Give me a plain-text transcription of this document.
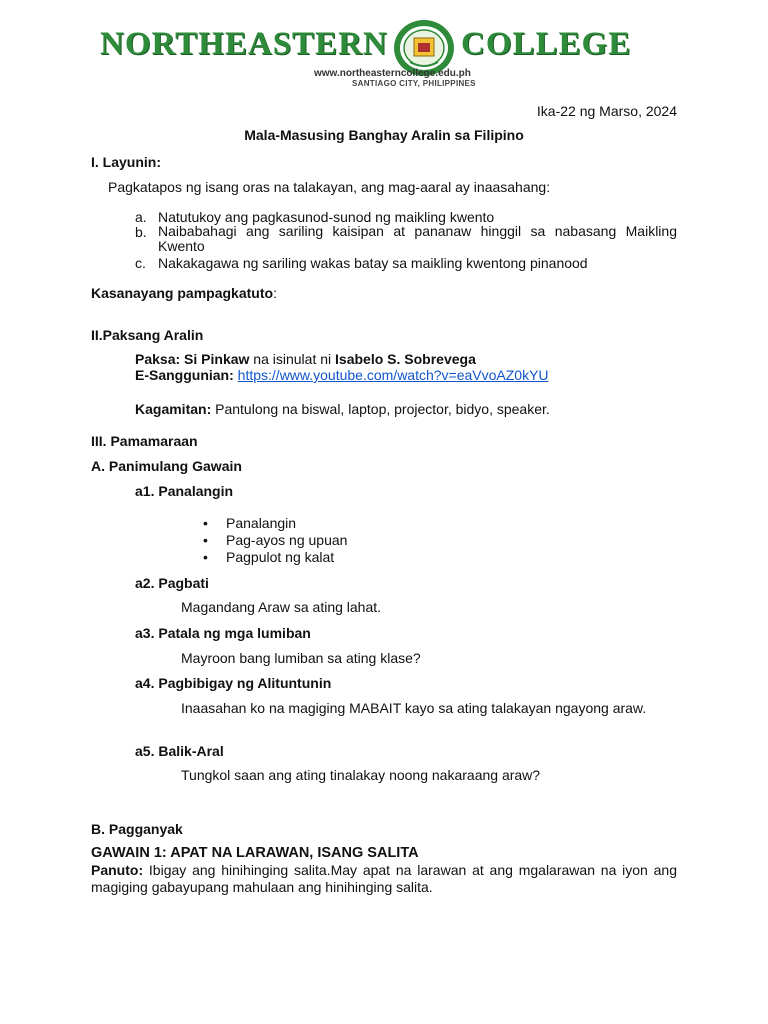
NORTHEASTERN COLLEGE
www.northeasterncollege.edu.ph
SANTIAGO CITY, PHILIPPINES
Ika-22 ng Marso, 2024
Mala-Masusing Banghay Aralin sa Filipino
I. Layunin:
Pagkatapos ng isang oras na talakayan, ang mag-aaral ay inaasahang:
a. Natutukoy ang pagkasunod-sunod ng maikling kwento
b. Naibabahagi ang sariling kaisipan at pananaw hinggil sa nabasang Maikling Kwento
c. Nakakagawa ng sariling wakas batay sa maikling kwentong pinanood
Kasanayang pampagkatuto:
II.Paksang Aralin
Paksa: Si Pinkaw na isinulat ni Isabelo S. Sobrevega
E-Sanggunian: https://www.youtube.com/watch?v=eaVvoAZ0kYU
Kagamitan: Pantulong na biswal, laptop, projector, bidyo, speaker.
III. Pamamaraan
A. Panimulang Gawain
a1. Panalangin
• Panalangin
• Pag-ayos ng upuan
• Pagpulot ng kalat
a2. Pagbati
Magandang Araw sa ating lahat.
a3. Patala ng mga lumiban
Mayroon bang lumiban sa ating klase?
a4. Pagbibigay ng Alituntunin
Inaasahan ko na magiging MABAIT kayo sa ating talakayan ngayong araw.
a5. Balik-Aral
Tungkol saan ang ating tinalakay noong nakaraang araw?
B. Pagganyak
GAWAIN 1: APAT NA LARAWAN, ISANG SALITA
Panuto: Ibigay ang hinihinging salita.May apat na larawan at ang mgalarawan na iyon ang magiging gabayupang mahulaan ang hinihinging salita.
